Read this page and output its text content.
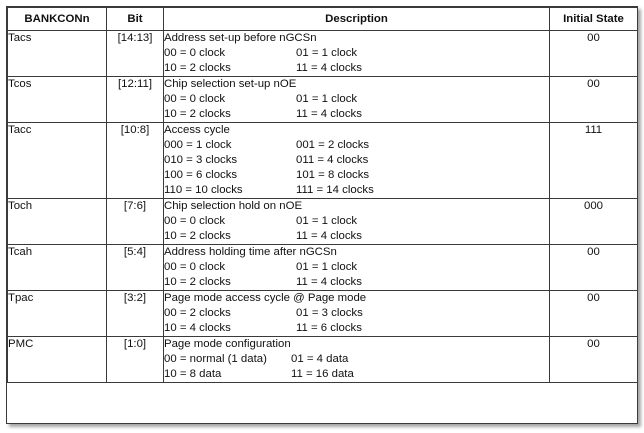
BANKCONn	Bit	Description	Initial State
Tacs	[14:13]	Address set-up before nGCSn
00 = 0 clock 01 = 1 clock
10 = 2 clocks 11 = 4 clocks	00
Tcos	[12:11]	Chip selection set-up nOE
00 = 0 clock 01 = 1 clock
10 = 2 clocks 11 = 4 clocks	00
Tacc	[10:8]	Access cycle
000 = 1 clock 001 = 2 clocks
010 = 3 clocks 011 = 4 clocks
100 = 6 clocks 101 = 8 clocks
110 = 10 clocks 111 = 14 clocks	111
Toch	[7:6]	Chip selection hold on nOE
00 = 0 clock 01 = 1 clock
10 = 2 clocks 11 = 4 clocks	000
Tcah	[5:4]	Address holding time after nGCSn
00 = 0 clock 01 = 1 clock
10 = 2 clocks 11 = 4 clocks	00
Tpac	[3:2]	Page mode access cycle @ Page mode
00 = 2 clocks 01 = 3 clocks
10 = 4 clocks 11 = 6 clocks	00
PMC	[1:0]	Page mode configuration
00 = normal (1 data) 01 = 4 data
10 = 8 data 11 = 16 data	00
